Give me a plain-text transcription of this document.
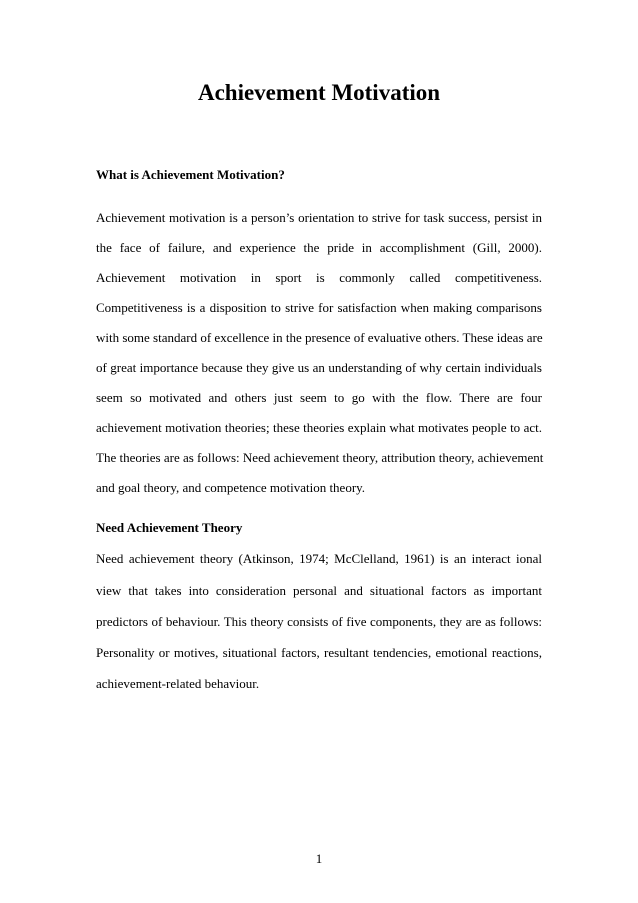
Achievement Motivation
What is Achievement Motivation?
Achievement motivation is a person’s orientation to strive for task success, persist in
the face of failure, and experience the pride in accomplishment (Gill, 2000).
Achievement motivation in sport is commonly called competitiveness.
Competitiveness is a disposition to strive for satisfaction when making comparisons
with some standard of excellence in the presence of evaluative others. These ideas are
of great importance because they give us an understanding of why certain individuals
seem so motivated and others just seem to go with the flow. There are four
achievement motivation theories; these theories explain what motivates people to act.
The theories are as follows: Need achievement theory, attribution theory, achievement
and goal theory, and competence motivation theory.
Need Achievement Theory
Need achievement theory (Atkinson, 1974; McClelland, 1961) is an interact ional
view that takes into consideration personal and situational factors as important
predictors of behaviour. This theory consists of five components, they are as follows:
Personality or motives, situational factors, resultant tendencies, emotional reactions,
achievement-related behaviour.
1
